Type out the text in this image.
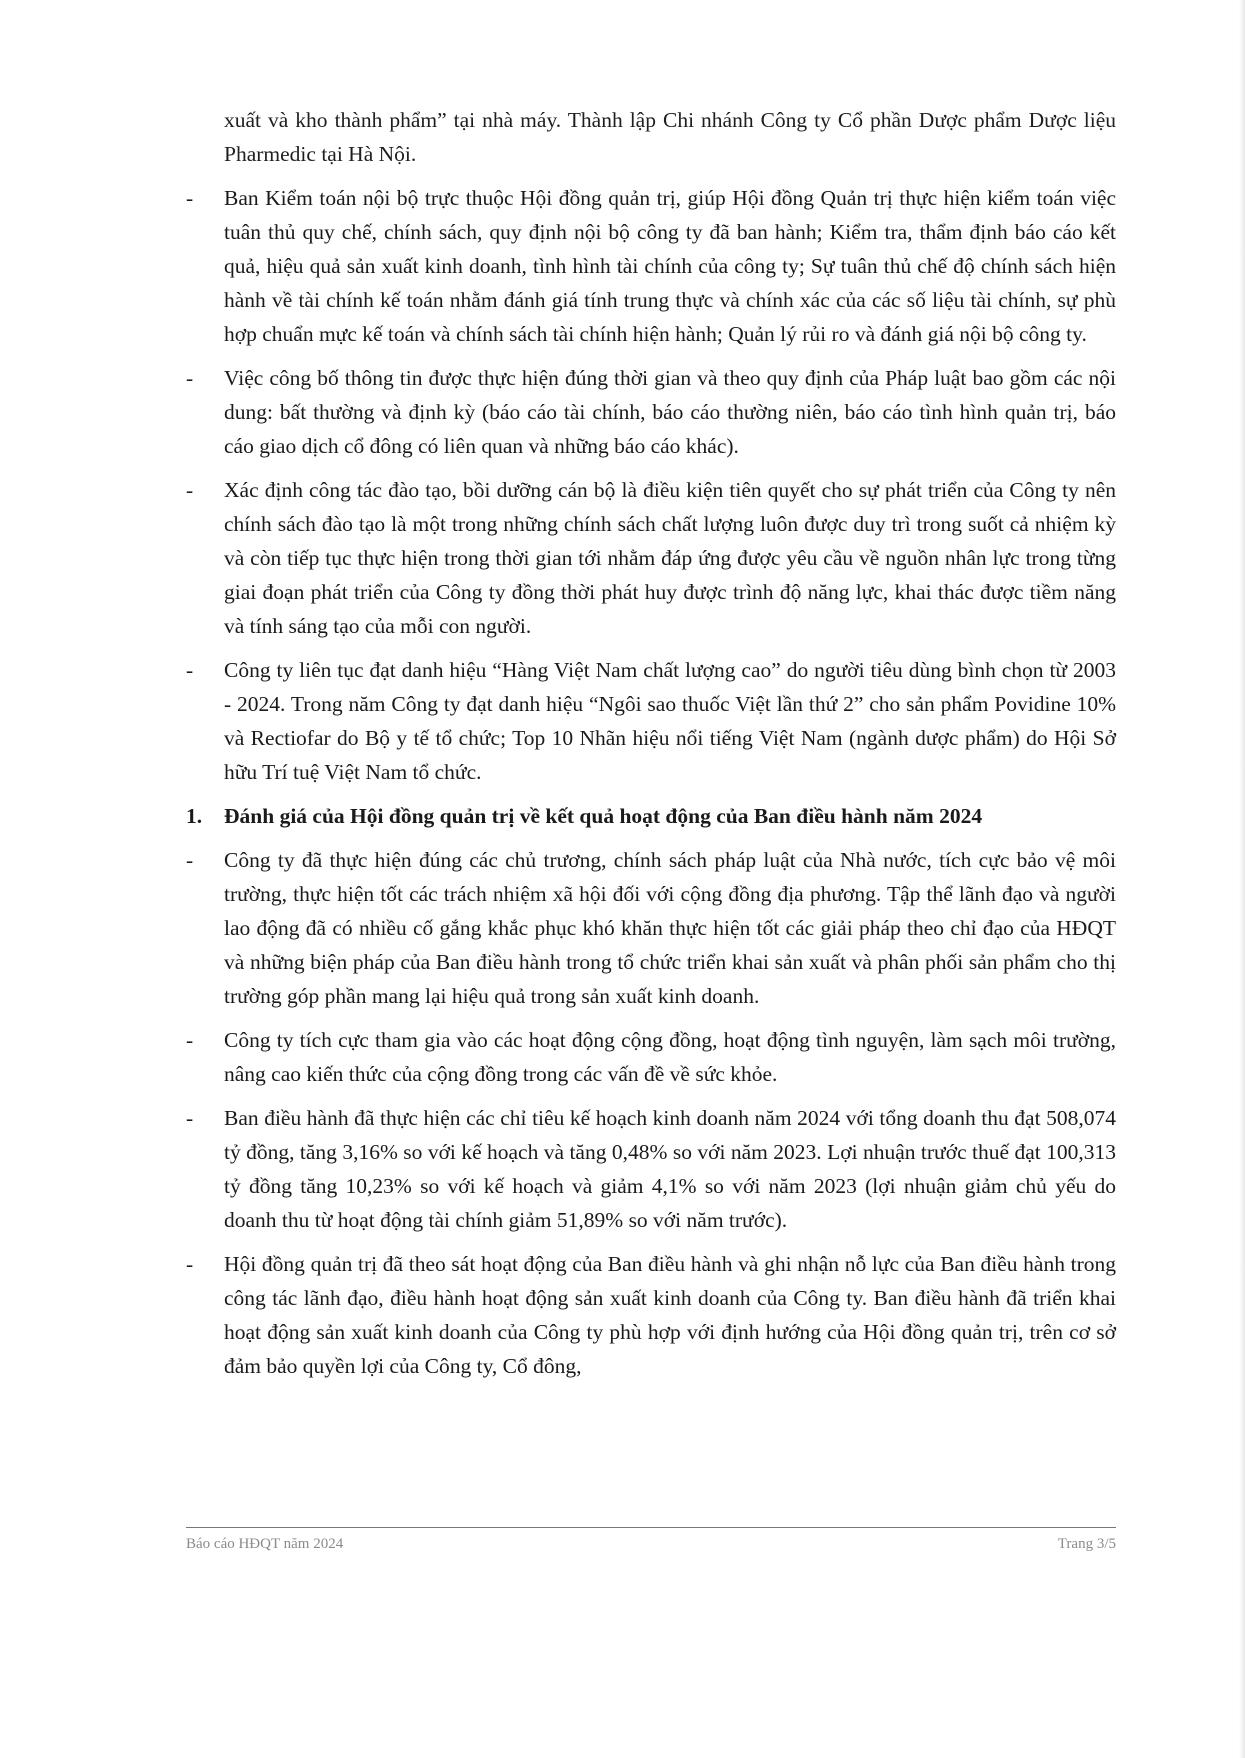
xuất và kho thành phẩm” tại nhà máy. Thành lập Chi nhánh Công ty Cổ phần Dược phẩm Dược liệu Pharmedic tại Hà Nội.

-	Ban Kiểm toán nội bộ trực thuộc Hội đồng quản trị, giúp Hội đồng Quản trị thực hiện kiểm toán việc tuân thủ quy chế, chính sách, quy định nội bộ công ty đã ban hành; Kiểm tra, thẩm định báo cáo kết quả, hiệu quả sản xuất kinh doanh, tình hình tài chính của công ty; Sự tuân thủ chế độ chính sách hiện hành về tài chính kế toán nhằm đánh giá tính trung thực và chính xác của các số liệu tài chính, sự phù hợp chuẩn mực kế toán và chính sách tài chính hiện hành; Quản lý rủi ro và đánh giá nội bộ công ty.
-	Việc công bố thông tin được thực hiện đúng thời gian và theo quy định của Pháp luật bao gồm các nội dung: bất thường và định kỳ (báo cáo tài chính, báo cáo thường niên, báo cáo tình hình quản trị, báo cáo giao dịch cổ đông có liên quan và những báo cáo khác).
-	Xác định công tác đào tạo, bồi dưỡng cán bộ là điều kiện tiên quyết cho sự phát triển của Công ty nên chính sách đào tạo là một trong những chính sách chất lượng luôn được duy trì trong suốt cả nhiệm kỳ và còn tiếp tục thực hiện trong thời gian tới nhằm đáp ứng được yêu cầu về nguồn nhân lực trong từng giai đoạn phát triển của Công ty đồng thời phát huy được trình độ năng lực, khai thác được tiềm năng và tính sáng tạo của mỗi con người.
-	Công ty liên tục đạt danh hiệu “Hàng Việt Nam chất lượng cao” do người tiêu dùng bình chọn từ 2003 - 2024. Trong năm Công ty đạt danh hiệu “Ngôi sao thuốc Việt lần thứ 2” cho sản phẩm Povidine 10% và Rectiofar do Bộ y tế tổ chức; Top 10 Nhãn hiệu nổi tiếng Việt Nam (ngành dược phẩm) do Hội Sở hữu Trí tuệ Việt Nam tổ chức.
1. Đánh giá của Hội đồng quản trị về kết quả hoạt động của Ban điều hành năm 2024
-	Công ty đã thực hiện đúng các chủ trương, chính sách pháp luật của Nhà nước, tích cực bảo vệ môi trường, thực hiện tốt các trách nhiệm xã hội đối với cộng đồng địa phương. Tập thể lãnh đạo và người lao động đã có nhiều cố gắng khắc phục khó khăn thực hiện tốt các giải pháp theo chỉ đạo của HĐQT và những biện pháp của Ban điều hành trong tổ chức triển khai sản xuất và phân phối sản phẩm cho thị trường góp phần mang lại hiệu quả trong sản xuất kinh doanh.
-	Công ty tích cực tham gia vào các hoạt động cộng đồng, hoạt động tình nguyện, làm sạch môi trường, nâng cao kiến thức của cộng đồng trong các vấn đề về sức khỏe.
-	Ban điều hành đã thực hiện các chỉ tiêu kế hoạch kinh doanh năm 2024 với tổng doanh thu đạt 508,074 tỷ đồng, tăng 3,16% so với kế hoạch và tăng 0,48% so với năm 2023. Lợi nhuận trước thuế đạt 100,313 tỷ đồng tăng 10,23% so với kế hoạch và giảm 4,1% so với năm 2023 (lợi nhuận giảm chủ yếu do doanh thu từ hoạt động tài chính giảm 51,89% so với năm trước).
-	Hội đồng quản trị đã theo sát hoạt động của Ban điều hành và ghi nhận nỗ lực của Ban điều hành trong công tác lãnh đạo, điều hành hoạt động sản xuất kinh doanh của Công ty. Ban điều hành đã triển khai hoạt động sản xuất kinh doanh của Công ty phù hợp với định hướng của Hội đồng quản trị, trên cơ sở đảm bảo quyền lợi của Công ty, Cổ đông,
Báo cáo HĐQT năm 2024	Trang 3/5
